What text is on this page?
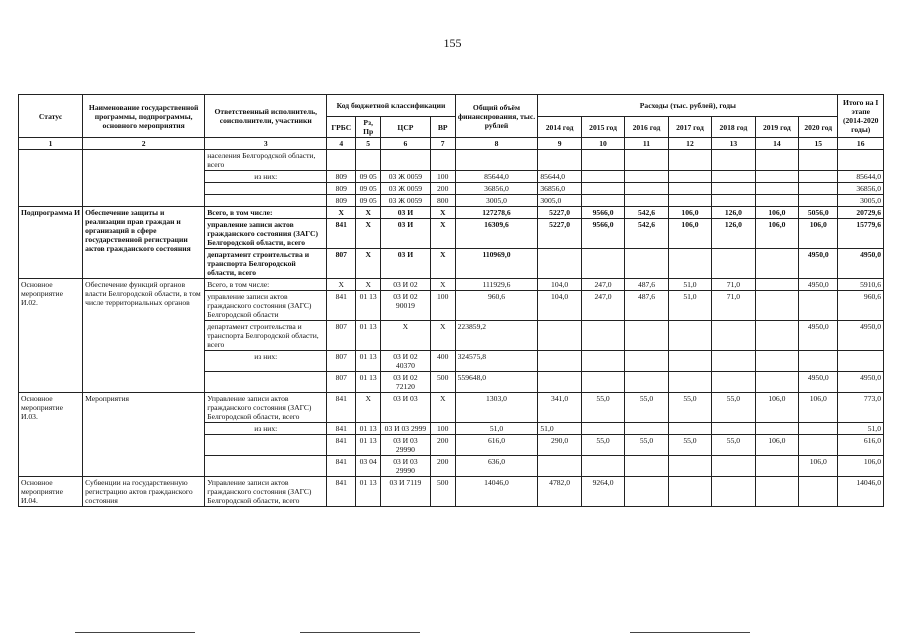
155
Статус	Наименование государственной программы, подпрограммы, основного мероприятия	Ответственный исполнитель, соисполнители, участники	Код бюджетной классификации				Общий объём финансирования, тыс. рублей	Расходы (тыс. рублей), годы							Итого на I этапе (2014-2020 годы)
			ГРБС	Рз, Пр	ЦСР	ВР		2014 год	2015 год	2016 год	2017 год	2018 год	2019 год	2020 год	
1	2	3	4	5	6	7	8	9	10	11	12	13	14	15	16
		населения Белгородской области, всего													
		из них:	809	09 05	03 Ж 0059	100	85644,0	85644,0							85644,0
			809	09 05	03 Ж 0059	200	36856,0	36856,0							36856,0
			809	09 05	03 Ж 0059	800	3005,0	3005,0							3005,0
Подпрограмма И	Обеспечение защиты и реализации прав граждан и организаций в сфере государственной регистрации актов гражданского состояния	Всего, в том числе:	X	X	03 И	X	127278,6	5227,0	9566,0	542,6	106,0	126,0	106,0	5056,0	20729,6
		управление записи актов гражданского состояния (ЗАГС) Белгородской области, всего	841	X	03 И	X	16309,6	5227,0	9566,0	542,6	106,0	126,0	106,0	106,0	15779,6
		департамент строительства и транспорта Белгородской области, всего	807	X	03 И	X	110969,0							4950,0	4950,0
Основное мероприятие И.02.	Обеспечение функций органов власти Белгородской области, в том числе территориальных органов	Всего, в том числе:	X	X	03 И 02	X	111929,6	104,0	247,0	487,6	51,0	71,0		4950,0	5910,6
		управление записи актов гражданского состояния (ЗАГС) Белгородской области	841	01 13	03 И 02 90019	100	960,6	104,0	247,0	487,6	51,0	71,0			960,6
		департамент строительства и транспорта Белгородской области, всего	807	01 13	X	X	223859,2							4950,0	4950,0
		из них:	807	01 13	03 И 02 40370	400	324575,8								
			807	01 13	03 И 02 72120	500	559648,0							4950,0	4950,0
Основное мероприятие И.03.	Мероприятия	Управление записи актов гражданского состояния (ЗАГС) Белгородской области, всего	841	X	03 И 03	X	1303,0	341,0	55,0	55,0	55,0	55,0	106,0	106,0	773,0
		из них:	841	01 13	03 И 03 2999	100	51,0	51,0							51,0
			841	01 13	03 И 03 29990	200	616,0	290,0	55,0	55,0	55,0	55,0	106,0		616,0
			841	03 04	03 И 03 29990	200	636,0							106,0	106,0
Основное мероприятие И.04.	Субвенции на государственную регистрацию актов гражданского состояния	Управление записи актов гражданского состояния (ЗАГС) Белгородской области, всего	841	01 13	03 И 7119	500	14046,0	4782,0	9264,0						14046,0
